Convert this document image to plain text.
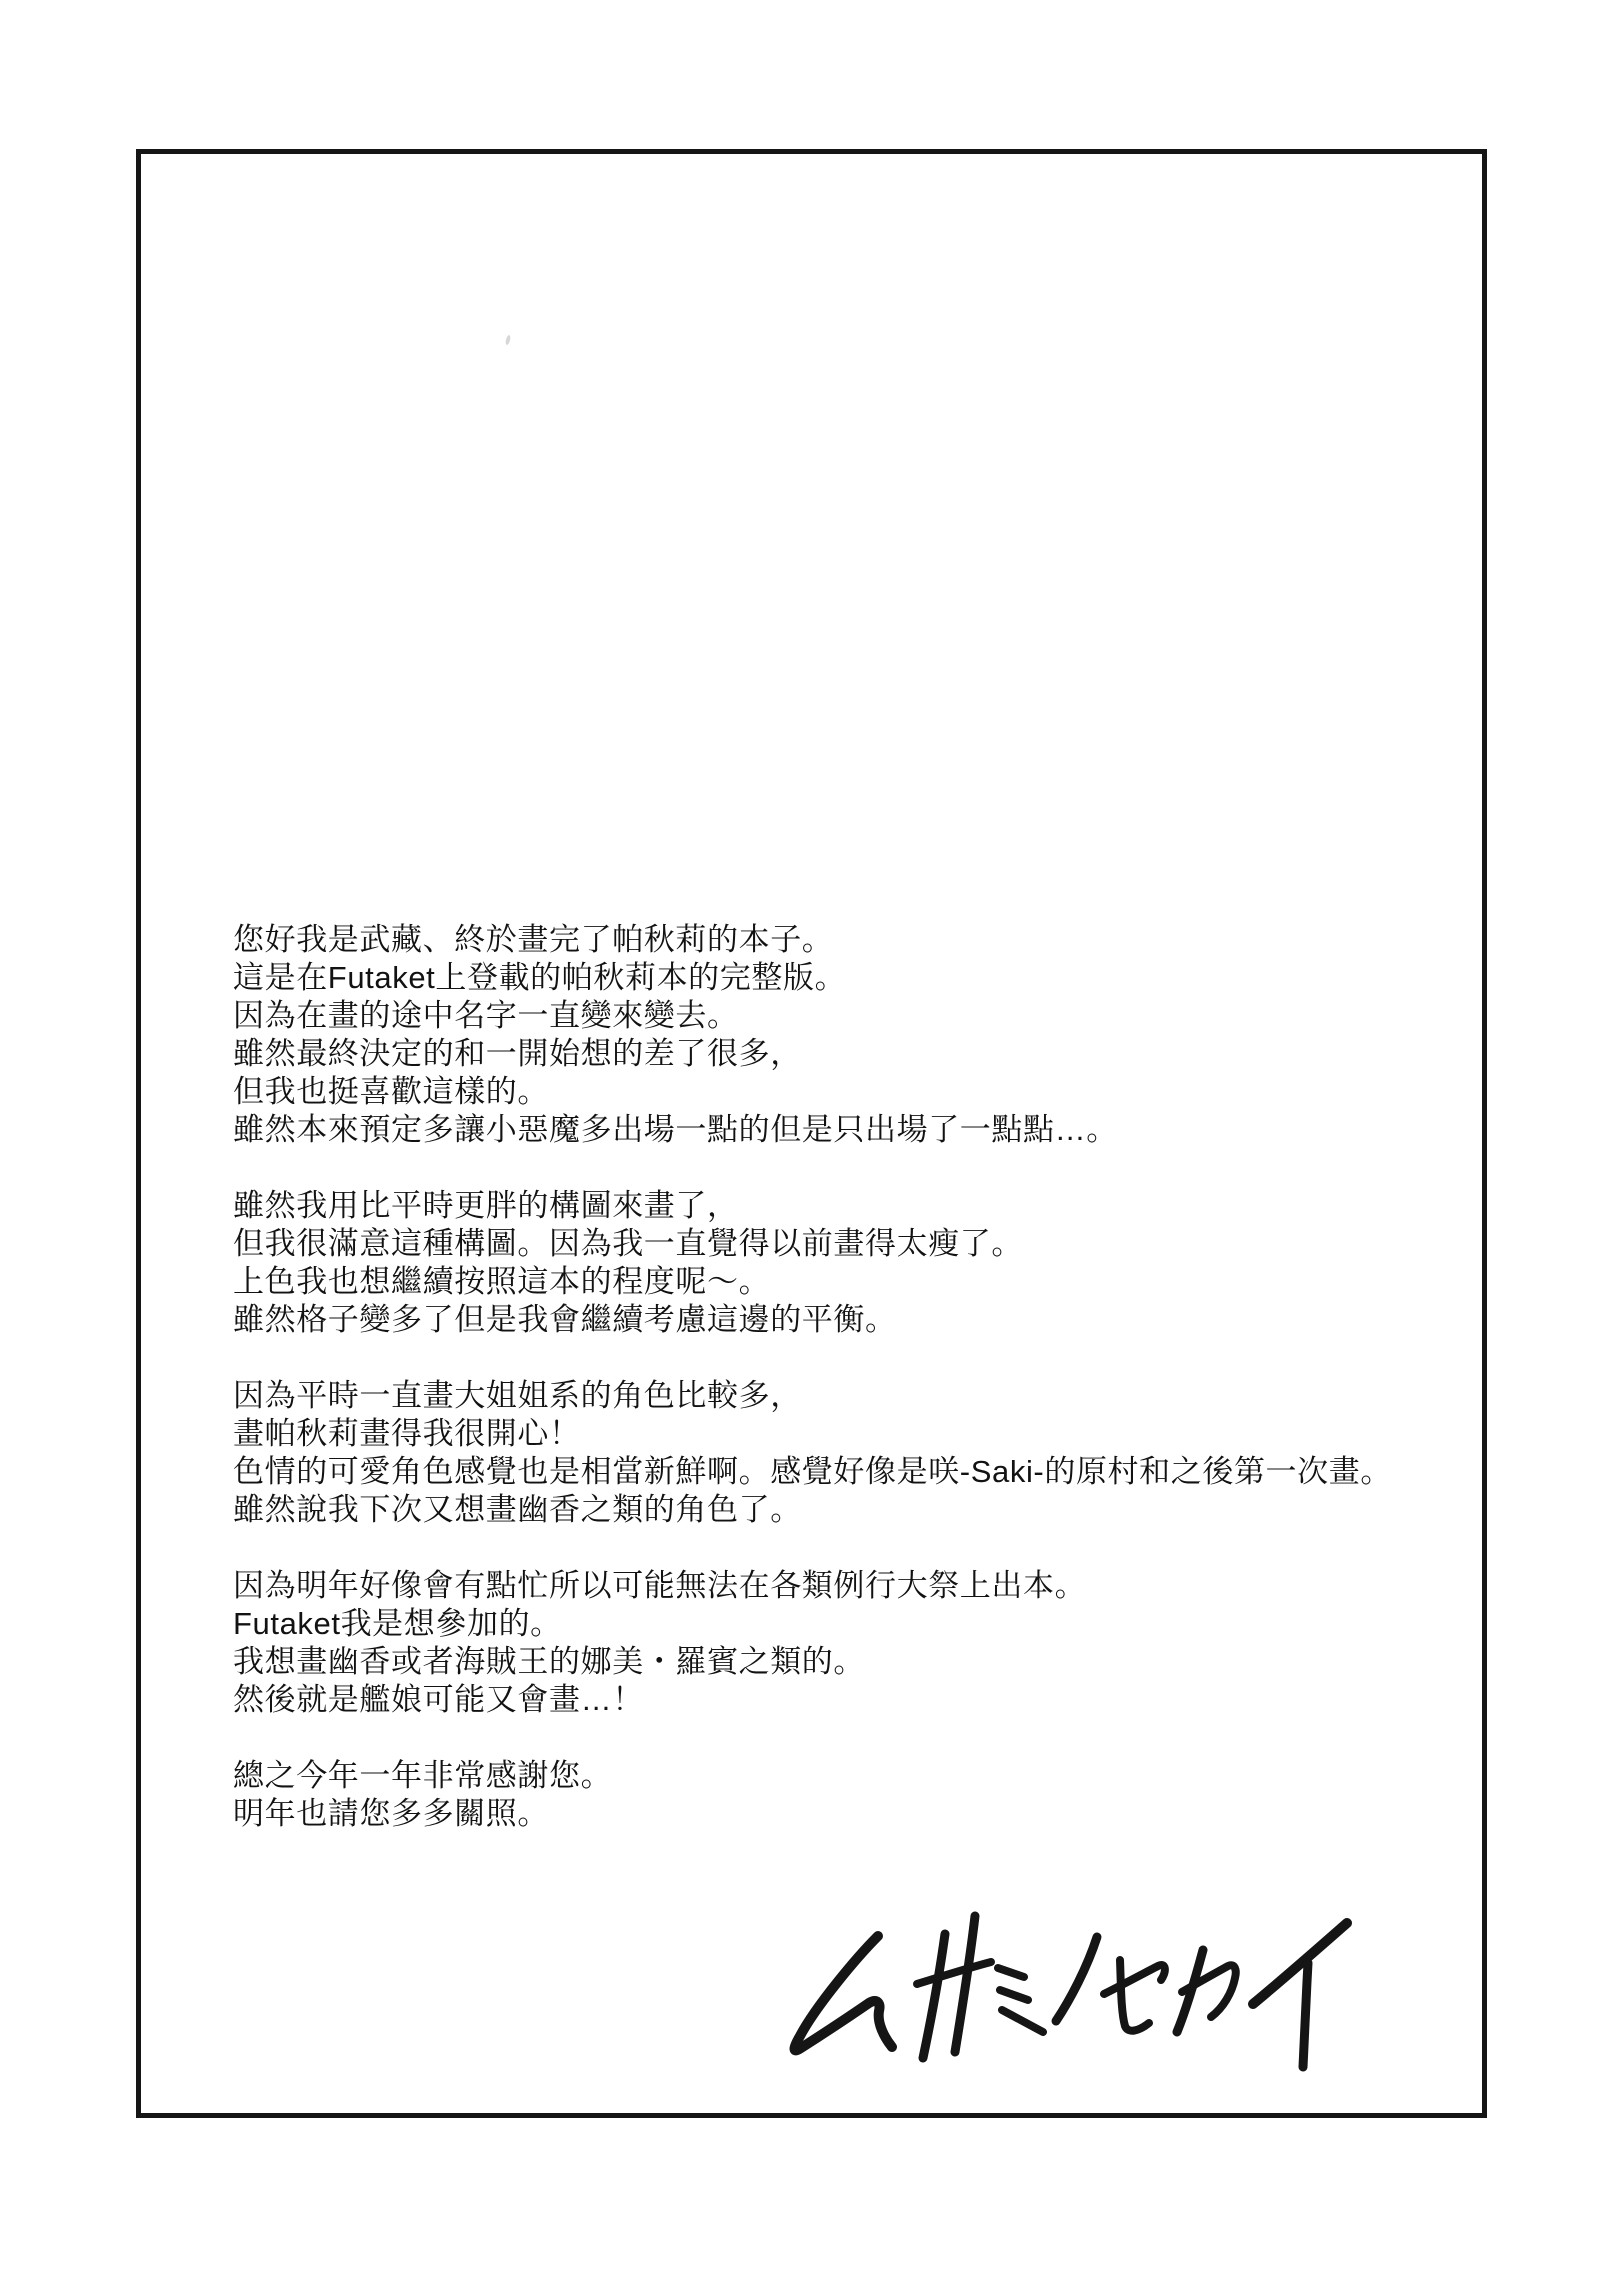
您好我是武藏、終於畫完了帕秋莉的本子。
這是在Futaket上登載的帕秋莉本的完整版。
因為在畫的途中名字一直變來變去。
雖然最終決定的和一開始想的差了很多，
但我也挺喜歡這樣的。
雖然本來預定多讓小惡魔多出場一點的但是只出場了一點點…。
雖然我用比平時更胖的構圖來畫了，
但我很滿意這種構圖。因為我一直覺得以前畫得太瘦了。
上色我也想繼續按照這本的程度呢～。
雖然格子變多了但是我會繼續考慮這邊的平衡。
因為平時一直畫大姐姐系的角色比較多，
畫帕秋莉畫得我很開心！
色情的可愛角色感覺也是相當新鮮啊。感覺好像是咲-Saki-的原村和之後第一次畫。
雖然說我下次又想畫幽香之類的角色了。
因為明年好像會有點忙所以可能無法在各類例行大祭上出本。
Futaket我是想參加的。
我想畫幽香或者海賊王的娜美・羅賓之類的。
然後就是艦娘可能又會畫…！
總之今年一年非常感謝您。
明年也請您多多關照。
